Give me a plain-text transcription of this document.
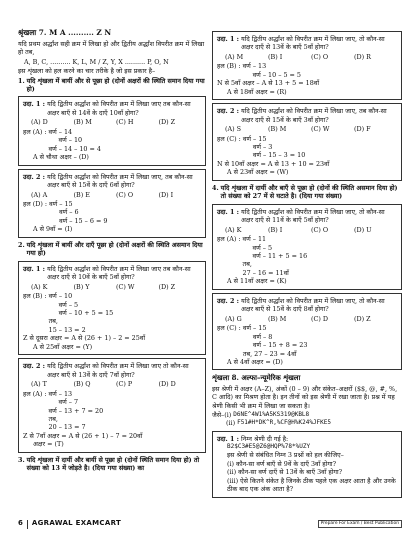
श्रृंखला 7. M A .......... Z N
यदि प्रथम अर्द्धांश सही क्रम में लिखा हो और द्वितीय अर्द्धांश विपरीत क्रम में लिखा हो तब,
A, B, C, .......... K, L, M / Z, Y, X .......... P, O, N
इस शृंखला को हल करने का चार तरीके है जो इस प्रकार है–
1. यदि शृंखला में बायीं और से पूछा हो (दोनों अक्षरों की स्थिति समान दिया गया हो)
उदा. 1 : यदि द्वितीय अर्द्धांश को विपरीत क्रम में लिखा जाए तब कौन-सा अक्षर बाएँ से 14वें के दाएँ 10वाँ होगा?
(A) D	(B) M	(C) H	(D) Z
हल (A) : वर्ण – 14
वर्ण – 10
वर्ण – 14 – 10 = 4
A से चौथा अक्षर – (D)
उदा. 2 : यदि द्वितीय अर्द्धांश को विपरीत क्रम में लिखा जाए, तब कौन-सा अक्षर बाएँ से 15वें के दाएँ 6वाँ होगा?
(A) A	(B) E	(C) O	(D) I
हल (D) : वर्ण – 15
वर्ण – 6
वर्ण – 15 – 6 = 9
A से 9वाँ = (I)
2. यदि शृंखला में बायीं और दाएँ पूछा हो (दोनों अक्षरों की स्थिति असमान दिया गया हो)
उदा. 1 : यदि द्वितीय अर्द्धांश को विपरीत क्रम में लिखा जाए तब कौन-सा अक्षर दाएँ से 10वें के बाएँ 5वाँ होगा?
(A) K	(B) Y	(C) W	(D) Z
हल (B) : वर्ण – 10
वर्ण – 5
वर्ण – 10 + 5 = 15
तब,
15 – 13 = 2
Z से दूसरा अक्षर = A से (26 + 1) – 2 = 25वाँ
A से 25वाँ अक्षर = (Y)
उदा. 2 : यदि द्वितीय अर्द्धांश को विपरीत क्रम में लिखा जाए तो कौन-सा अक्षर बाएँ से 13वें के दाएँ 7वाँ होगा?
(A) T	(B) Q	(C) P	(D) D
हल (A) : वर्ण – 13
वर्ण – 7
वर्ण – 13 + 7 = 20
तब,
20 – 13 = 7
Z से 7वाँ अक्षर = A से (26 + 1) – 7 = 20वाँ
अक्षर = (T)
3. यदि शृंखला में दायीं और बायीं से पूछा हो (दोनों स्थिति समान दिया हो) तो संख्या को 13 में जोड़ते है। (दिया गया संख्या) का
उदा. 1 : यदि द्वितीय अर्द्धांश को विपरीत क्रम में लिखा जाए, तो कौन-सा अक्षर दाएँ से 13वें के बाएँ 5वाँ होगा?
(A) M	(B) I	(C) O	(D) R
हल (B) : वर्ण – 13
वर्ण – 10 – 5 = 5
N से 5वाँ अक्षर – A से 13 + 5 = 18वाँ
A से 18वाँ अक्षर = (R)
उदा. 2 : यदि द्वितीय अर्द्धांश को विपरीत क्रम में लिखा जाए, तब कौन-सा अक्षर दाएँ से 15वें के बाएँ 3वाँ होगा?
(A) S	(B) M	(C) W	(D) F
हल (C) : वर्ण – 15
वर्ण – 3
वर्ण – 15 – 3 = 10
N से 10वाँ अक्षर = A से 13 + 10 = 23वाँ
A से 23वाँ अक्षर = (W)
4. यदि शृंखला में दायीं और बाएँ से पूछा हो (दोनों की स्थिति असमान दिया हो) तो संख्या को 27 में से घटाते है। (दिया गया संख्या)
उदा. 1 : यदि द्वितीय अर्द्धांश को विपरीत क्रम में लिखा जाए, तो कौन-सा अक्षर दाएँ से 11वें के बाएँ 5वाँ होगा?
(A) K	(B) I	(C) O	(D) U
हल (A) : वर्ण – 11
वर्ण – 5
वर्ण – 11 + 5 = 16
तब,
27 – 16 = 11वाँ
A से 11वाँ अक्षर = (K)
उदा. 2 : यदि द्वितीय अर्द्धांश को विपरीत क्रम में लिखा जाए, तो कौन-सा अक्षर बाएँ से 15वें के दाएँ 8वाँ होगा?
(A) G	(B) M	(C) D	(D) Z
हल (C) : वर्ण – 15
वर्ण – 8
वर्ण – 15 + 8 = 23
तब, 27 – 23 = 4वाँ
A से 4वाँ अक्षर = (D)
शृंखला 8. अल्फा–न्यूमेरिक शृंखला
इस श्रेणी में अक्षर (A–Z), अंकों (0 – 9) और संकेत–अक्षरों ($$, @, #, %, C आदि) का मिश्रण होता है। इन तीनों को इस श्रेणी में रखा जाता है। प्रश्न में यह श्रेणी किसी भी क्रम में लिखा जा सकता है।
जैसे–(i) D6NE^4W1%A5KS319@KBL8
(ii) F51#H*DK^R,%CF@H%K24%JFKE5
उदा. 1 : निम्न श्रेणी दी गई है:
B2$C3#E5@Z6@HQP%78*%UZY
इस श्रेणी से संबंधित निम्न 3 प्रश्नों को हल कीजिए–
(i) कौन-सा वर्ण बाएँ से 9वें के दाएँ 3वाँ होगा?
(ii) कौन-सा वर्ण दाएँ से 13वें के बाएँ 3वाँ होगा?
(iii) ऐसे कितने संकेत है जिनके ठीक पहले एक अक्षर आता है और उनके ठीक बाद एक अंक आता है?
6 AGRAWAL EXAMCART	Prepare For Exam / Best Publication
